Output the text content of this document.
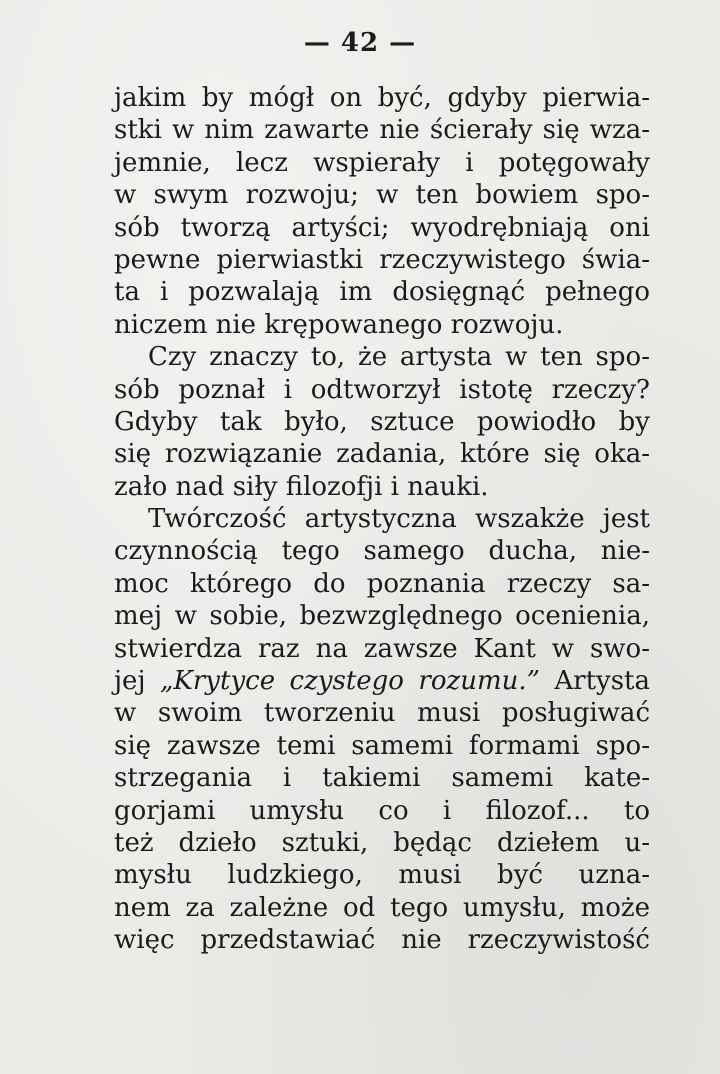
— 42 —
jakim by mógł on być, gdyby pierwia-
stki w nim zawarte nie ścierały się wza-
jemnie, lecz wspierały i potęgowały
w swym rozwoju; w ten bowiem spo-
sób tworzą artyści; wyodrębniają oni
pewne pierwiastki rzeczywistego świa-
ta i pozwalają im dosięgnąć pełnego
niczem nie krępowanego rozwoju.
Czy znaczy to, że artysta w ten spo-
sób poznał i odtworzył istotę rzeczy?
Gdyby tak było, sztuce powiodło by
się rozwiązanie zadania, które się oka-
zało nad siły filozofji i nauki.
Twórczość artystyczna wszakże jest
czynnością tego samego ducha, nie-
moc którego do poznania rzeczy sa-
mej w sobie, bezwzględnego ocenienia,
stwierdza raz na zawsze Kant w swo-
jej „Krytyce czystego rozumu.” Artysta
w swoim tworzeniu musi posługiwać
się zawsze temi samemi formami spo-
strzegania i takiemi samemi kate-
gorjami umysłu co i filozof... to
też dzieło sztuki, będąc dziełem u-
mysłu ludzkiego, musi być uzna-
nem za zależne od tego umysłu, może
więc przedstawiać nie rzeczywistość
